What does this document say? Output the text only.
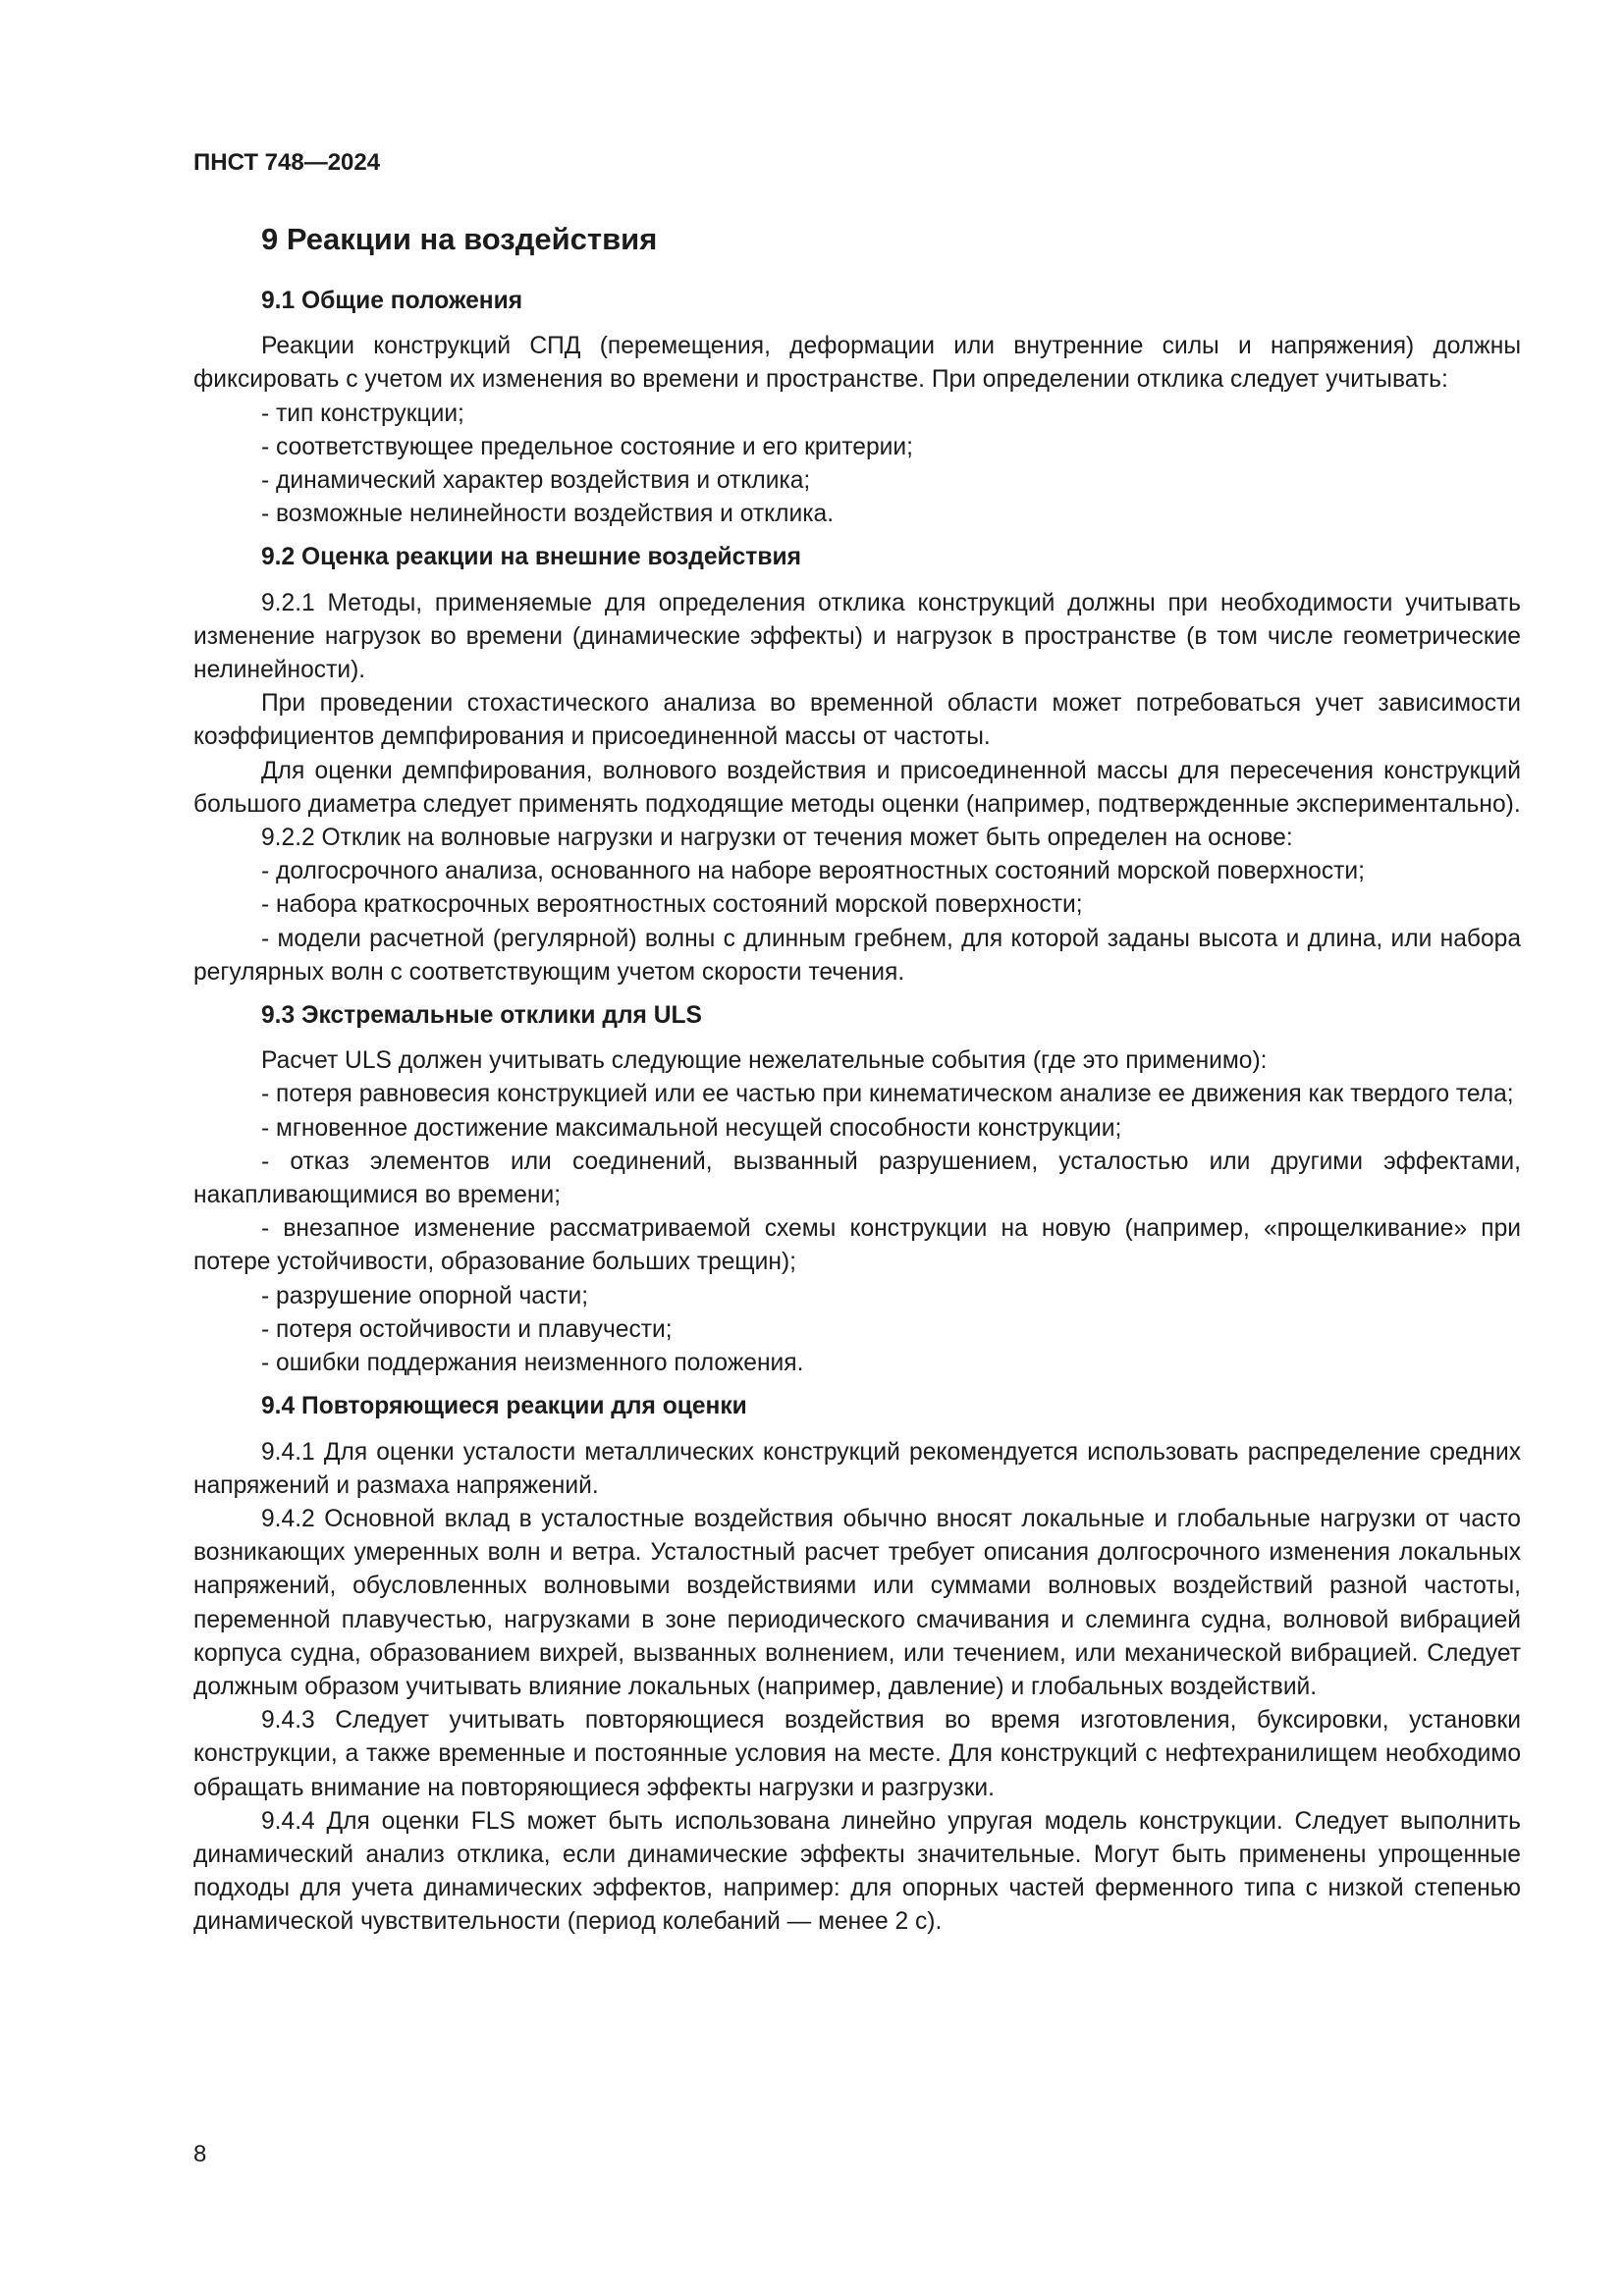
ПНСТ 748—2024

9 Реакции на воздействия

9.1 Общие положения

Реакции конструкций СПД (перемещения, деформации или внутренние силы и напряжения) должны фиксировать с учетом их изменения во времени и пространстве. При определении отклика следует учитывать:

- тип конструкции;

- соответствующее предельное состояние и его критерии;

- динамический характер воздействия и отклика;

- возможные нелинейности воздействия и отклика.

9.2 Оценка реакции на внешние воздействия

9.2.1 Методы, применяемые для определения отклика конструкций должны при необходимости учитывать изменение нагрузок во времени (динамические эффекты) и нагрузок в пространстве (в том числе геометрические нелинейности).

При проведении стохастического анализа во временной области может потребоваться учет зависимости коэффициентов демпфирования и присоединенной массы от частоты.

Для оценки демпфирования, волнового воздействия и присоединенной массы для пересечения конструкций большого диаметра следует применять подходящие методы оценки (например, подтвержденные экспериментально).

9.2.2 Отклик на волновые нагрузки и нагрузки от течения может быть определен на основе:

- долгосрочного анализа, основанного на наборе вероятностных состояний морской поверхности;

- набора краткосрочных вероятностных состояний морской поверхности;

- модели расчетной (регулярной) волны с длинным гребнем, для которой заданы высота и длина, или набора регулярных волн с соответствующим учетом скорости течения.

9.3 Экстремальные отклики для ULS

Расчет ULS должен учитывать следующие нежелательные события (где это применимо):

- потеря равновесия конструкцией или ее частью при кинематическом анализе ее движения как твердого тела;

- мгновенное достижение максимальной несущей способности конструкции;

- отказ элементов или соединений, вызванный разрушением, усталостью или другими эффектами, накапливающимися во времени;

- внезапное изменение рассматриваемой схемы конструкции на новую (например, «прощелкивание» при потере устойчивости, образование больших трещин);

- разрушение опорной части;

- потеря остойчивости и плавучести;

- ошибки поддержания неизменного положения.

9.4 Повторяющиеся реакции для оценки

9.4.1 Для оценки усталости металлических конструкций рекомендуется использовать распределение средних напряжений и размаха напряжений.

9.4.2 Основной вклад в усталостные воздействия обычно вносят локальные и глобальные нагрузки от часто возникающих умеренных волн и ветра. Усталостный расчет требует описания долгосрочного изменения локальных напряжений, обусловленных волновыми воздействиями или суммами волновых воздействий разной частоты, переменной плавучестью, нагрузками в зоне периодического смачивания и слеминга судна, волновой вибрацией корпуса судна, образованием вихрей, вызванных волнением, или течением, или механической вибрацией. Следует должным образом учитывать влияние локальных (например, давление) и глобальных воздействий.

9.4.3 Следует учитывать повторяющиеся воздействия во время изготовления, буксировки, установки конструкции, а также временные и постоянные условия на месте. Для конструкций с нефтехранилищем необходимо обращать внимание на повторяющиеся эффекты нагрузки и разгрузки.

9.4.4 Для оценки FLS может быть использована линейно упругая модель конструкции. Следует выполнить динамический анализ отклика, если динамические эффекты значительные. Могут быть применены упрощенные подходы для учета динамических эффектов, например: для опорных частей ферменного типа с низкой степенью динамической чувствительности (период колебаний — менее 2 с).

8
